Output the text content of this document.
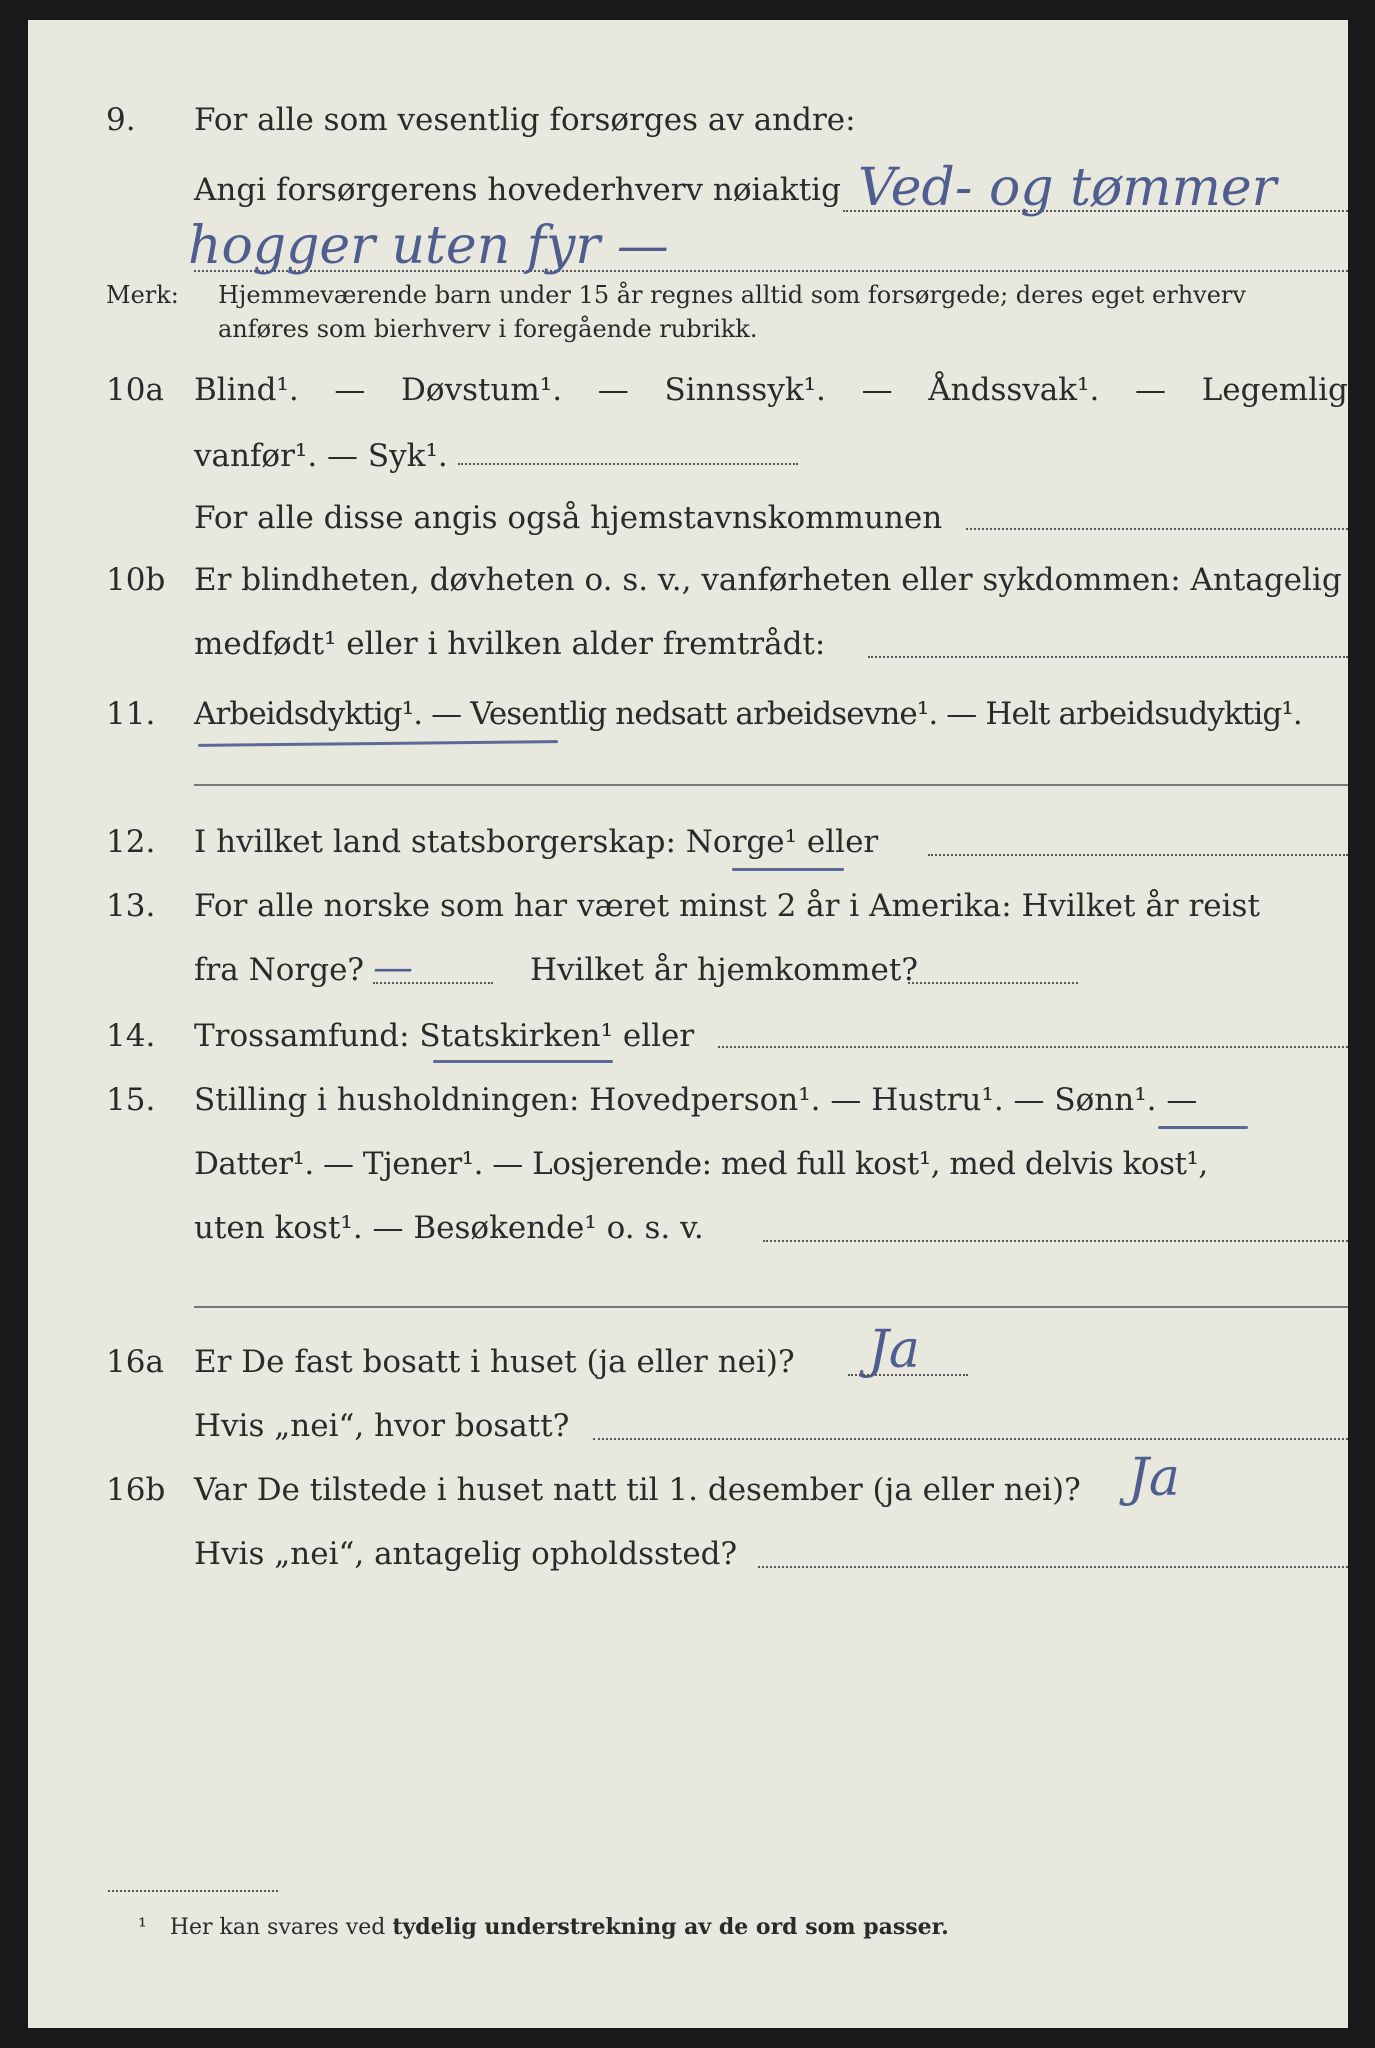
9. For alle som vesentlig forsørges av andre:
Angi forsørgerens hovederhverv nøiaktig Ved- og tømmer
hogger uten fyr —
Merk: Hjemmeværende barn under 15 år regnes alltid som forsørgede; deres eget erhverv
anføres som bierhverv i foregående rubrikk.
10a Blind¹. — Døvstum¹. — Sinnssyk¹. — Åndssvak¹. — Legemlig
vanfør¹. — Syk¹.
For alle disse angis også hjemstavnskommunen
10b Er blindheten, døvheten o. s. v., vanførheten eller sykdommen: Antagelig
medfødt¹ eller i hvilken alder fremtrådt:
11. Arbeidsdyktig¹. — Vesentlig nedsatt arbeidsevne¹. — Helt arbeidsudyktig¹.
12. I hvilket land statsborgerskap: Norge¹ eller
13. For alle norske som har været minst 2 år i Amerika: Hvilket år reist
fra Norge?	Hvilket år hjemkommet?
—
14. Trossamfund: Statskirken¹ eller
15. Stilling i husholdningen: Hovedperson¹. — Hustru¹. — Sønn¹. —
Datter¹. — Tjener¹. — Losjerende: med full kost¹, med delvis kost¹,
uten kost¹. — Besøkende¹ o. s. v.
16a Er De fast bosatt i huset (ja eller nei)?	Ja
Hvis „nei“, hvor bosatt?
16b Var De tilstede i huset natt til 1. desember (ja eller nei)? Ja
Hvis „nei“, antagelig opholdssted?
¹ Her kan svares ved tydelig understrekning av de ord som passer.
